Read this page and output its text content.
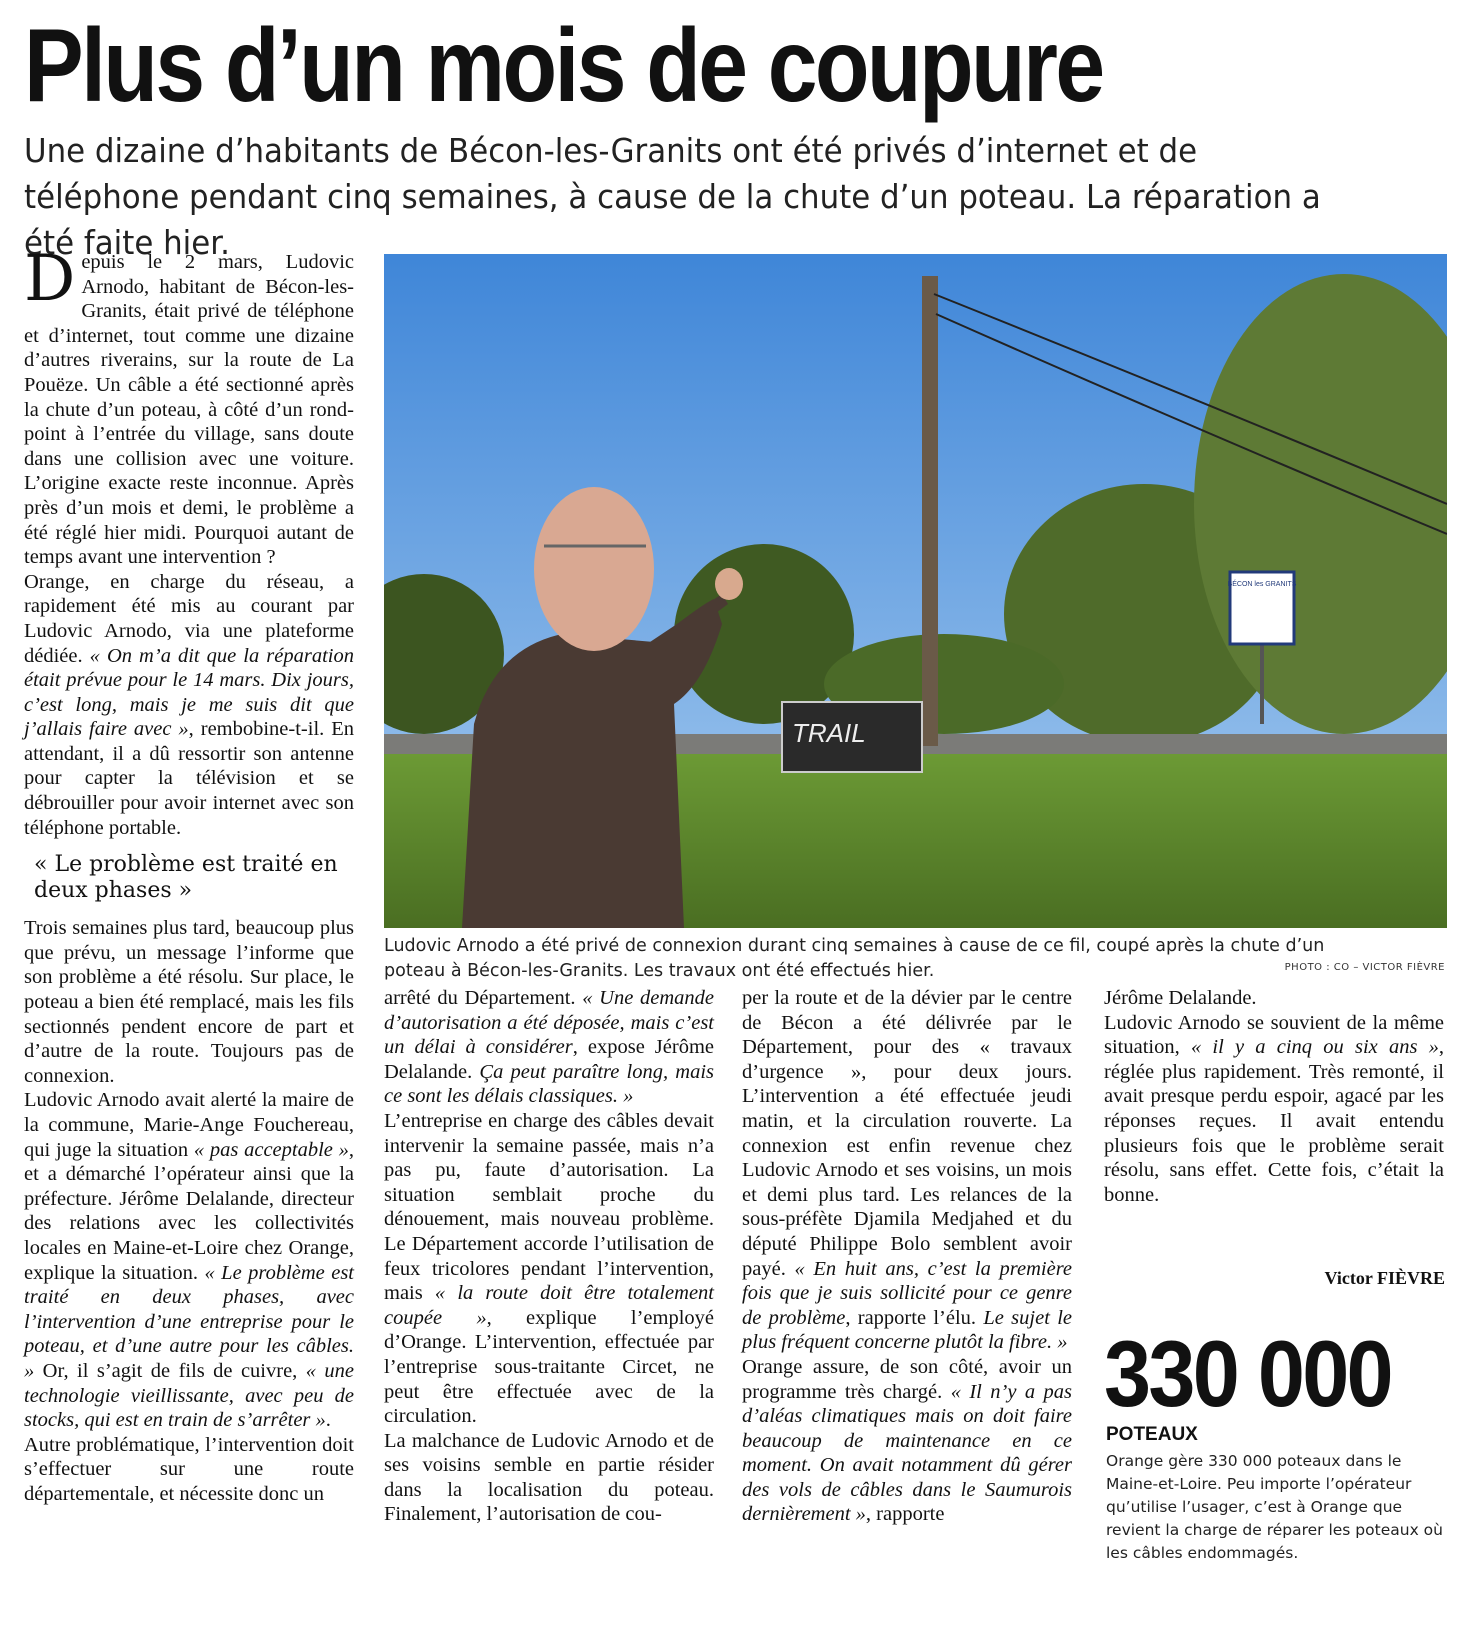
Plus d’un mois de coupure
Une dizaine d’habitants de Bécon-les-Granits ont été privés d’internet et de téléphone pendant cinq semaines, à cause de la chute d’un poteau. La réparation a été faite hier.

Depuis le 2 mars, Ludovic Arnodo, habitant de Bécon-les-Granits, était privé de téléphone et d’internet, tout comme une dizaine d’autres riverains, sur la route de La Pouëze. Un câble a été sectionné après la chute d’un poteau, à côté d’un rond-point à l’entrée du village, sans doute dans une collision avec une voiture. L’origine exacte reste inconnue. Après près d’un mois et demi, le problème a été réglé hier midi. Pourquoi autant de temps avant une intervention ?

Orange, en charge du réseau, a rapidement été mis au courant par Ludovic Arnodo, via une plateforme dédiée. « On m’a dit que la réparation était prévue pour le 14 mars. Dix jours, c’est long, mais je me suis dit que j’allais faire avec », rembobine-t-il. En attendant, il a dû ressortir son antenne pour capter la télévision et se débrouiller pour avoir internet avec son téléphone portable.

« Le problème est traité en deux phases »

Trois semaines plus tard, beaucoup plus que prévu, un message l’informe que son problème a été résolu. Sur place, le poteau a bien été remplacé, mais les fils sectionnés pendent encore de part et d’autre de la route. Toujours pas de connexion.

Ludovic Arnodo avait alerté la maire de la commune, Marie-Ange Fouchereau, qui juge la situation « pas acceptable », et a démarché l’opérateur ainsi que la préfecture. Jérôme Delalande, directeur des relations avec les collectivités locales en Maine-et-Loire chez Orange, explique la situation. « Le problème est traité en deux phases, avec l’intervention d’une entreprise pour le poteau, et d’une autre pour les câbles. » Or, il s’agit de fils de cuivre, « une technologie vieillissante, avec peu de stocks, qui est en train de s’arrêter ».

Autre problématique, l’intervention doit s’effectuer sur une route départementale, et nécessite donc un

BÉCON les GRANITS
TRAIL
Ludovic Arnodo a été privé de connexion durant cinq semaines à cause de ce fil, coupé après la chute d’un poteau à Bécon-les-Granits. Les travaux ont été effectués hier.	PHOTO : CO – VICTOR FIÈVRE

arrêté du Département. « Une demande d’autorisation a été déposée, mais c’est un délai à considérer, expose Jérôme Delalande. Ça peut paraître long, mais ce sont les délais classiques. »

L’entreprise en charge des câbles devait intervenir la semaine passée, mais n’a pas pu, faute d’autorisation. La situation semblait proche du dénouement, mais nouveau problème. Le Département accorde l’utilisation de feux tricolores pendant l’intervention, mais « la route doit être totalement coupée », explique l’employé d’Orange. L’intervention, effectuée par l’entreprise sous-traitante Circet, ne peut être effectuée avec de la circulation.

La malchance de Ludovic Arnodo et de ses voisins semble en partie résider dans la localisation du poteau. Finalement, l’autorisation de cou-

per la route et de la dévier par le centre de Bécon a été délivrée par le Département, pour des « travaux d’urgence », pour deux jours. L’intervention a été effectuée jeudi matin, et la circulation rouverte. La connexion est enfin revenue chez Ludovic Arnodo et ses voisins, un mois et demi plus tard. Les relances de la sous-préfète Djamila Medjahed et du député Philippe Bolo semblent avoir payé. « En huit ans, c’est la première fois que je suis sollicité pour ce genre de problème, rapporte l’élu. Le sujet le plus fréquent concerne plutôt la fibre. »

Orange assure, de son côté, avoir un programme très chargé. « Il n’y a pas d’aléas climatiques mais on doit faire beaucoup de maintenance en ce moment. On avait notamment dû gérer des vols de câbles dans le Saumurois dernièrement », rapporte

Jérôme Delalande.

Ludovic Arnodo se souvient de la même situation, « il y a cinq ou six ans », réglée plus rapidement. Très remonté, il avait presque perdu espoir, agacé par les réponses reçues. Il avait entendu plusieurs fois que le problème serait résolu, sans effet. Cette fois, c’était la bonne.

Victor FIÈVRE
330 000
POTEAUX
Orange gère 330 000 poteaux dans le Maine-et-Loire. Peu importe l’opérateur qu’utilise l’usager, c’est à Orange que revient la charge de réparer les poteaux où les câbles endommagés.
